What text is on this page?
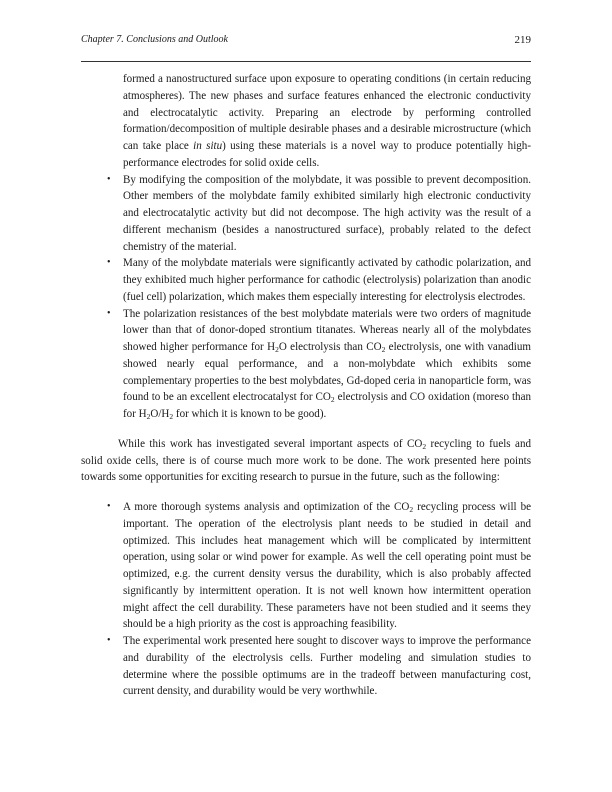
Chapter 7. Conclusions and Outlook	219

formed a nanostructured surface upon exposure to operating conditions (in certain reducing atmospheres). The new phases and surface features enhanced the electronic conductivity and electrocatalytic activity. Preparing an electrode by performing controlled formation/decomposition of multiple desirable phases and a desirable microstructure (which can take place in situ) using these materials is a novel way to produce potentially high-performance electrodes for solid oxide cells.

• By modifying the composition of the molybdate, it was possible to prevent decomposition. Other members of the molybdate family exhibited similarly high electronic conductivity and electrocatalytic activity but did not decompose. The high activity was the result of a different mechanism (besides a nanostructured surface), probably related to the defect chemistry of the material.
• Many of the molybdate materials were significantly activated by cathodic polarization, and they exhibited much higher performance for cathodic (electrolysis) polarization than anodic (fuel cell) polarization, which makes them especially interesting for electrolysis electrodes.
• The polarization resistances of the best molybdate materials were two orders of magnitude lower than that of donor-doped strontium titanates. Whereas nearly all of the molybdates showed higher performance for $H_2O$ electrolysis than $CO_2$ electrolysis, one with vanadium showed nearly equal performance, and a non-molybdate which exhibits some complementary properties to the best molybdates, Gd-doped ceria in nanoparticle form, was found to be an excellent electrocatalyst for $CO_2$ electrolysis and CO oxidation (moreso than for $H_2O/H_2$ for which it is known to be good).

While this work has investigated several important aspects of $CO_2$ recycling to fuels and solid oxide cells, there is of course much more work to be done. The work presented here points towards some opportunities for exciting research to pursue in the future, such as the following:

• A more thorough systems analysis and optimization of the $CO_2$ recycling process will be important. The operation of the electrolysis plant needs to be studied in detail and optimized. This includes heat management which will be complicated by intermittent operation, using solar or wind power for example. As well the cell operating point must be optimized, e.g. the current density versus the durability, which is also probably affected significantly by intermittent operation. It is not well known how intermittent operation might affect the cell durability. These parameters have not been studied and it seems they should be a high priority as the cost is approaching feasibility.
• The experimental work presented here sought to discover ways to improve the performance and durability of the electrolysis cells. Further modeling and simulation studies to determine where the possible optimums are in the tradeoff between manufacturing cost, current density, and durability would be very worthwhile.
